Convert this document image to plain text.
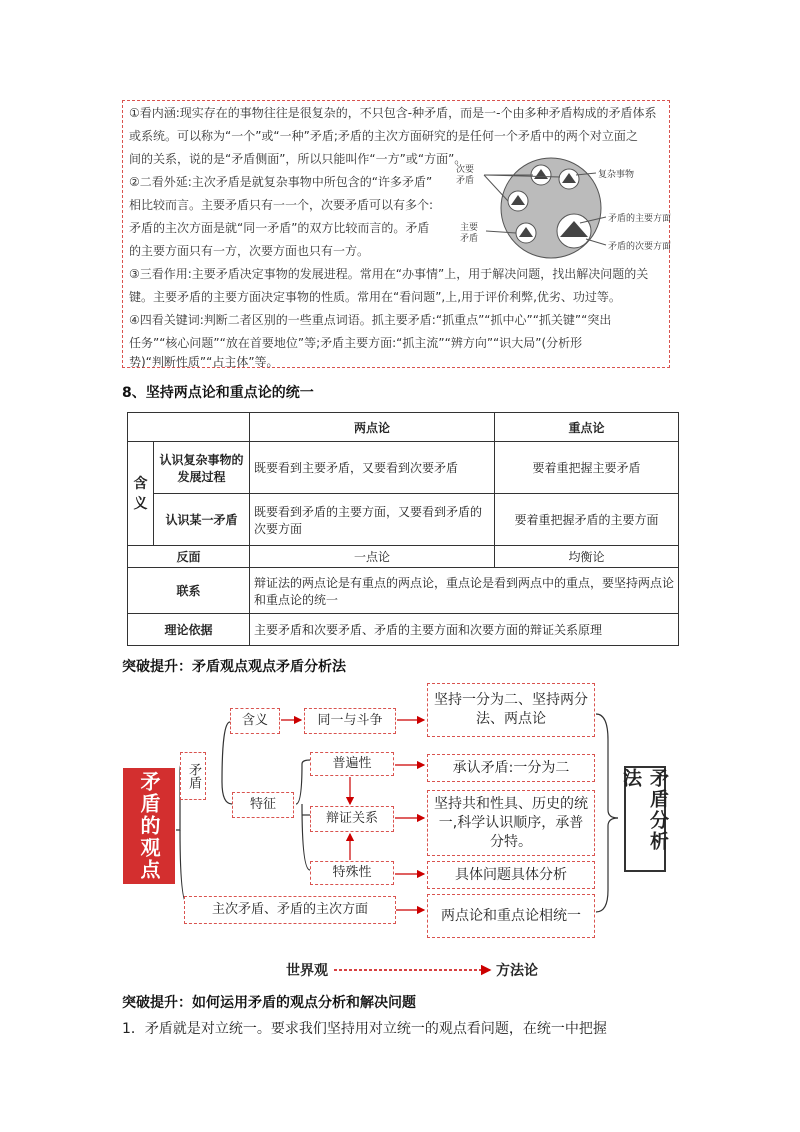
①看内涵:现实存在的事物往往是很复杂的，不只包含-种矛盾，而是一-个由多种矛盾构成的矛盾体系
或系统。可以称为“一个”或“一种”矛盾;矛盾的主次方面研究的是任何一个矛盾中的两个对立面之
间的关系，说的是“矛盾侧面”，所以只能叫作“一方”或“方面”。
②二看外延:主次矛盾是就复杂事物中所包含的“许多矛盾”
相比较而言。主要矛盾只有一一个，次要矛盾可以有多个:
矛盾的主次方面是就“同一矛盾”的双方比较而言的。矛盾
的主要方面只有一方，次要方面也只有一方。
③三看作用:主要矛盾决定事物的发展进程。常用在“办事情”上，用于解决问题，找出解决问题的关
键。主要矛盾的主要方面决定事物的性质。常用在“看问题”,上,用于评价利弊,优劣、功过等。
④四看关键词:判断二者区别的一些重点词语。抓主要矛盾:“抓重点”“抓中心”“抓关键”“突出
任务”“核心问题”“放在首要地位”等;矛盾主要方面:“抓主流”“辨方向”“识大局”(分析形
势)“判断性质”“占主体”等。
次要矛盾
复杂事物
主要矛盾
矛盾的主要方面
矛盾的次要方面
8、坚持两点论和重点论的统一
		两点论	重点论
含义	认识复杂事物的发展过程	既要看到主要矛盾，又要看到次要矛盾	要着重把握主要矛盾
	认识某一矛盾	既要看到矛盾的主要方面，又要看到矛盾的次要方面	要着重把握矛盾的主要方面
反面		一点论	均衡论
联系		辩证法的两点论是有重点的两点论，重点论是看到两点中的重点，要坚持两点论和重点论的统一	
理论依据		主要矛盾和次要矛盾、矛盾的主要方面和次要方面的辩证关系原理	
突破提升：矛盾观点观点矛盾分析法
矛盾的观点	矛盾分析法
矛盾
含义	同一与斗争
特征
普遍性
辩证关系
特殊性
主次矛盾、矛盾的主次方面
坚持一分为二、坚持两分法、两点论
承认矛盾:一分为二
坚持共和性具、历史的统一,科学认识顺序，承普分特。
具体问题具体分析
两点论和重点论相统一
世界观	方法论
突破提升：如何运用矛盾的观点分析和解决问题
1．矛盾就是对立统一。要求我们坚持用对立统一的观点看问题，在统一中把握
